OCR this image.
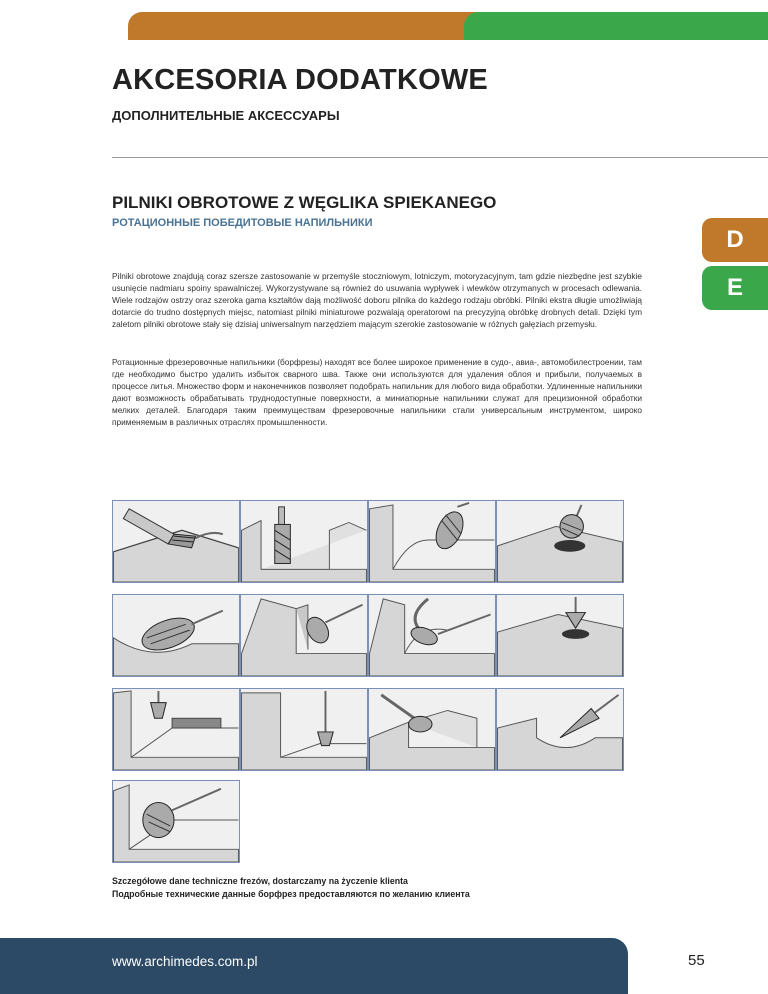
AKCESORIA DODATKOWE
ДОПОЛНИТЕЛЬНЫЕ АКСЕССУАРЫ
PILNIKI OBROTOWE Z WĘGLIKA SPIEKANEGO
РОТАЦИОННЫЕ ПОБЕДИТОВЫЕ НАПИЛЬНИКИ
D
E

Pilniki obrotowe znajdują coraz szersze zastosowanie w przemyśle stoczniowym, lotniczym, motoryzacyjnym, tam gdzie niezbędne jest szybkie usunięcie nadmiaru spoiny spawalniczej. Wykorzystywane są również do usuwania wypływek i wlewków otrzymanych w procesach odlewania. Wiele rodzajów ostrzy oraz szeroka gama kształtów dają możliwość doboru pilnika do każdego rodzaju obróbki. Pilniki ekstra długie umożliwiają dotarcie do trudno dostępnych miejsc, natomiast pilniki miniaturowe pozwalają operatorowi na precyzyjną obróbkę drobnych detali. Dzięki tym zaletom pilniki obrotowe stały się dzisiaj uniwersalnym narzędziem mającym szerokie zastosowanie w różnych gałęziach przemysłu.

Ротационные фрезеровочные напильники (борфрезы) находят все более широкое применение в судо-, авиа-, автомобилестроении, там где необходимо быстро удалить избыток сварного шва. Также они используются для удаления облоя и прибыли, получаемых в процессе литья. Множество форм и наконечников позволяет подобрать напильник для любого вида обработки. Удлиненные напильники дают возможность обрабатывать труднодоступные поверхности, а миниатюрные напильники служат для прецизионной обработки мелких деталей. Благодаря таким преимуществам фрезеровочные напильники стали универсальным инструментом, широко применяемым в различных отраслях промышленности.

Szczegółowe dane techniczne frezów, dostarczamy na życzenie klienta

Подробные технические данные борфрез предоставляются по желанию клиента

www.archimedes.com.pl	55
